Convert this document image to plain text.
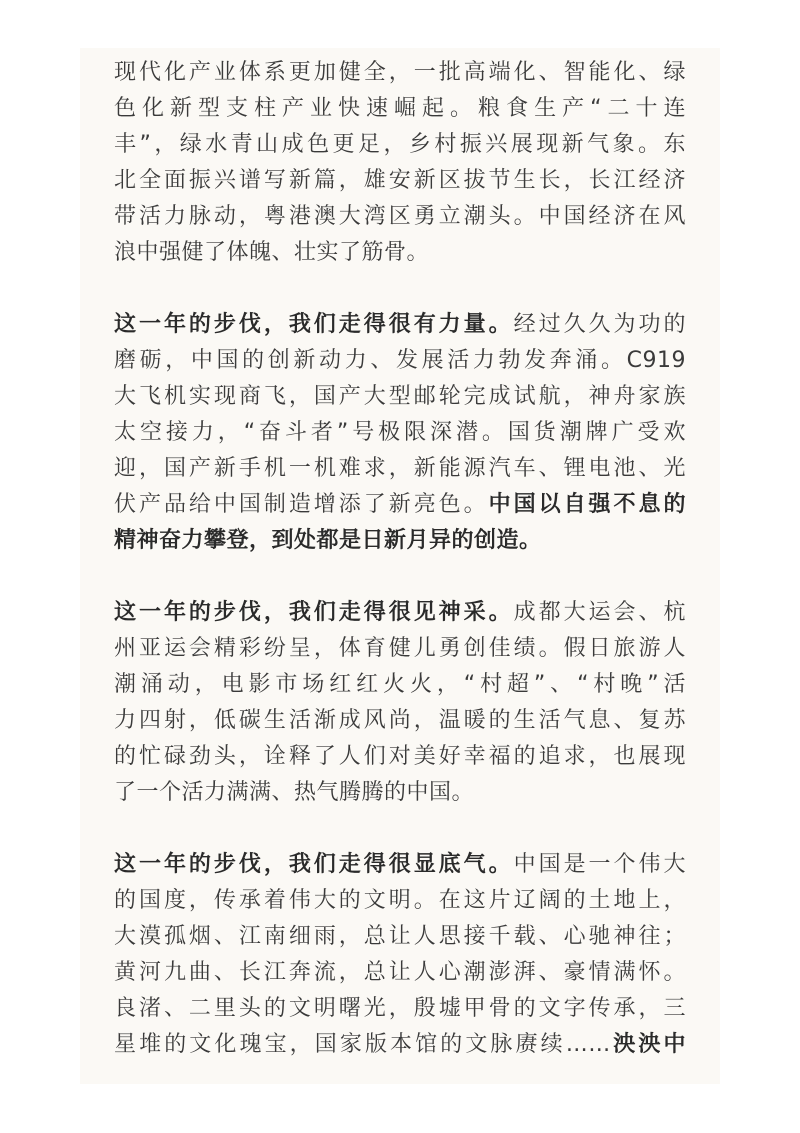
现代化产业体系更加健全，一批高端化、智能化、绿
色化新型支柱产业快速崛起。粮食生产“二十连
丰”，绿水青山成色更足，乡村振兴展现新气象。东
北全面振兴谱写新篇，雄安新区拔节生长，长江经济
带活力脉动，粤港澳大湾区勇立潮头。中国经济在风
浪中强健了体魄、壮实了筋骨。
这一年的步伐，我们走得很有力量。经过久久为功的
磨砺，中国的创新动力、发展活力勃发奔涌。C919
大飞机实现商飞，国产大型邮轮完成试航，神舟家族
太空接力，“奋斗者”号极限深潜。国货潮牌广受欢
迎，国产新手机一机难求，新能源汽车、锂电池、光
伏产品给中国制造增添了新亮色。中国以自强不息的
精神奋力攀登，到处都是日新月异的创造。
这一年的步伐，我们走得很见神采。成都大运会、杭
州亚运会精彩纷呈，体育健儿勇创佳绩。假日旅游人
潮涌动，电影市场红红火火，“村超”、“村晚”活
力四射，低碳生活渐成风尚，温暖的生活气息、复苏
的忙碌劲头，诠释了人们对美好幸福的追求，也展现
了一个活力满满、热气腾腾的中国。
这一年的步伐，我们走得很显底气。中国是一个伟大
的国度，传承着伟大的文明。在这片辽阔的土地上，
大漠孤烟、江南细雨，总让人思接千载、心驰神往；
黄河九曲、长江奔流，总让人心潮澎湃、豪情满怀。
良渚、二里头的文明曙光，殷墟甲骨的文字传承，三
星堆的文化瑰宝，国家版本馆的文脉赓续……泱泱中
